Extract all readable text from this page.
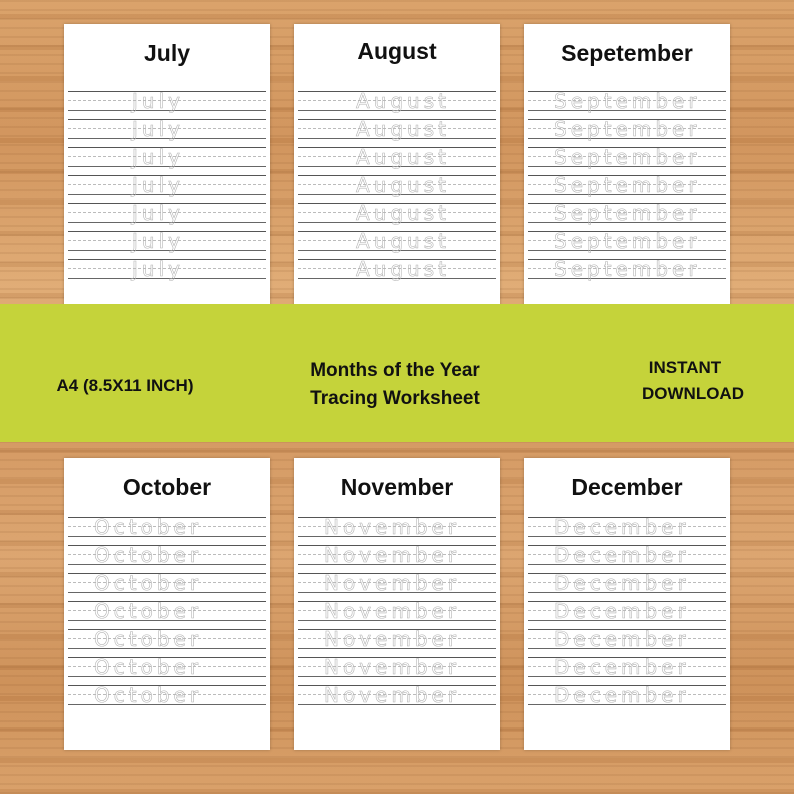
July
July
July
July
July
July
July
July
August
August
August
August
August
August
August
August
Sepetember
September
September
September
September
September
September
September
A4 (8.5X11 INCH)
Months of the Year
Tracing Worksheet
INSTANT
DOWNLOAD
October
October
October
October
October
October
October
October
November
November
November
November
November
November
November
November
December
December
December
December
December
December
December
December
